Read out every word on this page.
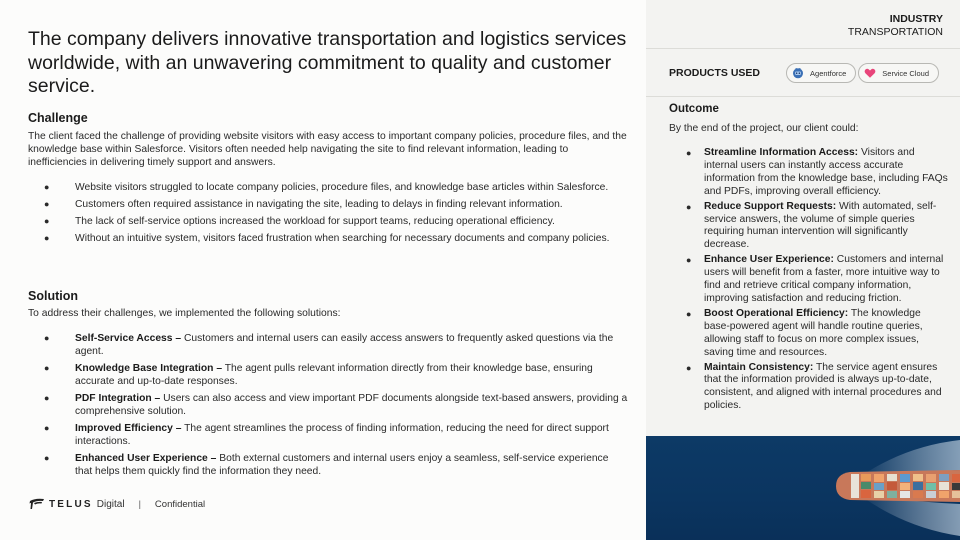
The company delivers innovative transportation and logistics services worldwide, with an unwavering commitment to quality and customer service.
Challenge

The client faced the challenge of providing website visitors with easy access to important company policies, procedure files, and the knowledge base within Salesforce. Visitors often needed help navigating the site to find relevant information, leading to inefficiencies in delivering timely support and answers.

● Website visitors struggled to locate company policies, procedure files, and knowledge base articles within Salesforce.
● Customers often required assistance in navigating the site, leading to delays in finding relevant information.
● The lack of self-service options increased the workload for support teams, reducing operational efficiency.
● Without an intuitive system, visitors faced frustration when searching for necessary documents and company policies.
Solution

To address their challenges, we implemented the following solutions:

● Self-Service Access – Customers and internal users can easily access answers to frequently asked questions via the agent.
● Knowledge Base Integration – The agent pulls relevant information directly from their knowledge base, ensuring accurate and up-to-date responses.
● PDF Integration – Users can also access and view important PDF documents alongside text-based answers, providing a comprehensive solution.
● Improved Efficiency – The agent streamlines the process of finding information, reducing the need for direct support interactions.
● Enhanced User Experience – Both external customers and internal users enjoy a seamless, self-service experience that helps them quickly find the information they need.
TELUS Digital | Confidential
INDUSTRY
TRANSPORTATION
PRODUCTS USED	Agentforce	Service Cloud
Outcome
By the end of the project, our client could:
● Streamline Information Access: Visitors and internal users can instantly access accurate information from the knowledge base, including FAQs and PDFs, improving overall efficiency.
● Reduce Support Requests: With automated, self-service answers, the volume of simple queries requiring human intervention will significantly decrease.
● Enhance User Experience: Customers and internal users will benefit from a faster, more intuitive way to find and retrieve critical company information, improving satisfaction and reducing friction.
● Boost Operational Efficiency: The knowledge base-powered agent will handle routine queries, allowing staff to focus on more complex issues, saving time and resources.
● Maintain Consistency: The service agent ensures that the information provided is always up-to-date, consistent, and aligned with internal procedures and policies.
